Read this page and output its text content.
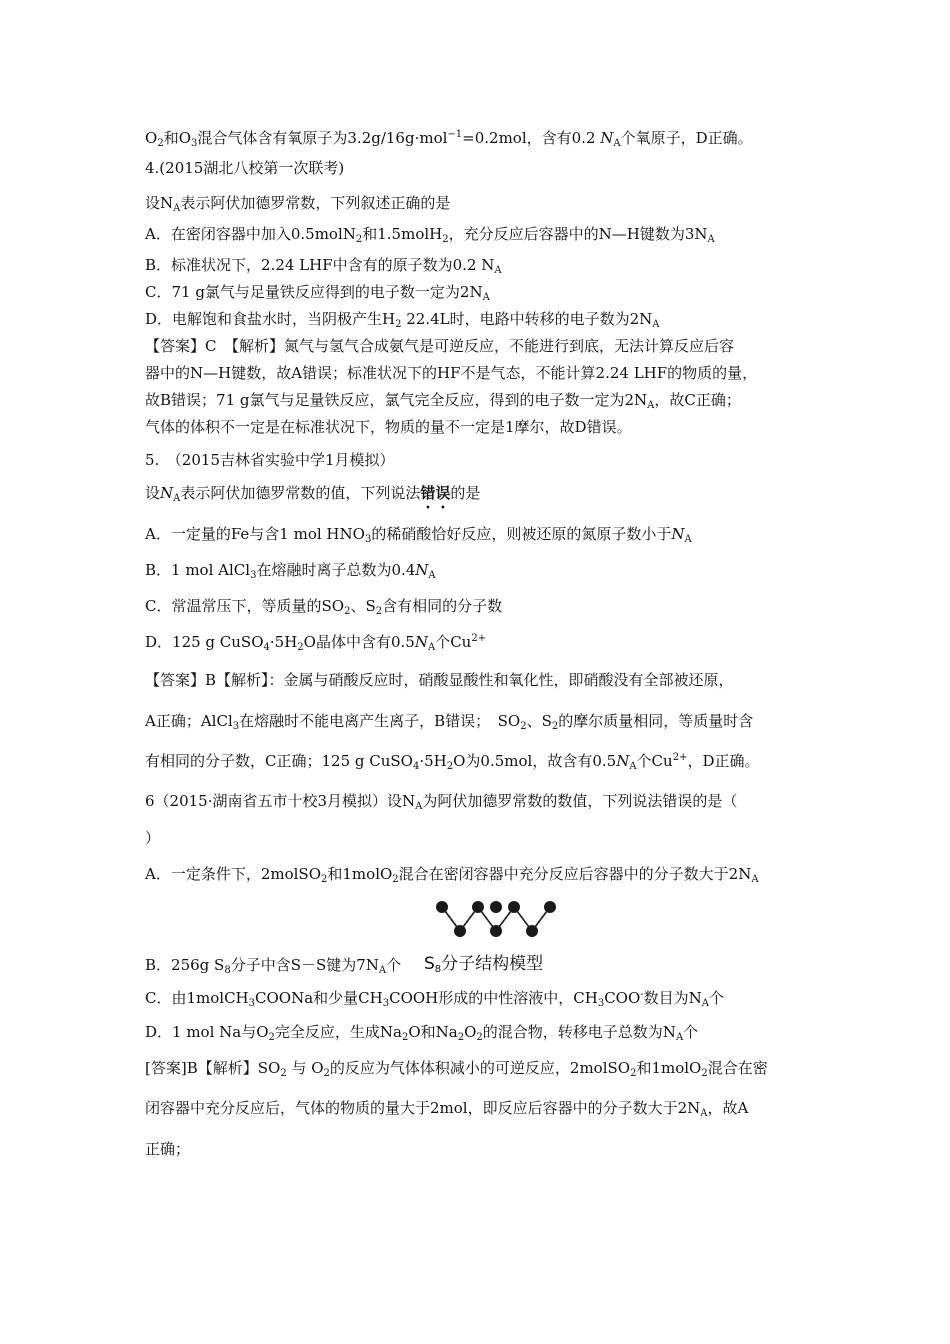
$O_2$和$O_3$混合气体含有氧原子为3.2g/16g·mol$^{-1}$=0.2mol，含有0.2 $N_A$个氧原子，D正确。
4.(2015湖北八校第一次联考)
设$N_A$表示阿伏加德罗常数，下列叙述正确的是
A．在密闭容器中加入0.5molN$_2$和1.5molH$_2$，充分反应后容器中的N—H键数为$3N_A$
B．标准状况下，2.24 LHF中含有的原子数为0.2 $N_A$
C．71 g氯气与足量铁反应得到的电子数一定为$2N_A$
D．电解饱和食盐水时，当阴极产生$H_2$ 22.4L时，电路中转移的电子数为$2N_A$
【答案】C　【解析】氮气与氢气合成氨气是可逆反应，不能进行到底，无法计算反应后容
器中的N—H键数，故A错误；标准状况下的HF不是气态，不能计算2.24 LHF的物质的量，
故B错误；71 g氯气与足量铁反应，氯气完全反应，得到的电子数一定为$2N_A$，故C正确；
气体的体积不一定是在标准状况下，物质的量不一定是1摩尔，故D错误。
5.　（2015吉林省实验中学1月模拟）
设$N_A$表示阿伏加德罗常数的值，下列说法错误的是
A．一定量的Fe与含1 mol $HNO_3$的稀硝酸恰好反应，则被还原的氮原子数小于$N_A$
B．1 mol AlCl$_3$在熔融时离子总数为$0.4N_A$
C．常温常压下，等质量的$SO_2$、$S_2$含有相同的分子数
D．125 g $CuSO_4\cdot 5H_2O$晶体中含有$0.5N_A$个$Cu^{2+}$
【答案】B【解析】：金属与硝酸反应时，硝酸显酸性和氧化性，即硝酸没有全部被还原，
A正确；AlCl$_3$在熔融时不能电离产生离子，B错误；　$SO_2$、$S_2$的摩尔质量相同，等质量时含
有相同的分子数，C正确；125 g $CuSO_4\cdot 5H_2O$为0.5mol，故含有$0.5N_A$个$Cu^{2+}$，D正确。
6（2015·湖南省五市十校3月模拟）设$N_A$为阿伏加德罗常数的数值，下列说法错误的是（
）
A．一定条件下，2molSO$_2$和1molO$_2$混合在密闭容器中充分反应后容器中的分子数大于$2N_A$
$S_8$分子结构模型
B．256g $S_8$分子中含S－S键为$7N_A$个
C．由1molCH$_3$COONa和少量$CH_3COOH$形成的中性溶液中，$CH_3COO^-$数目为$N_A$个
D．1 mol Na与$O_2$完全反应，生成$Na_2O$和$Na_2O_2$的混合物，转移电子总数为$N_A$个
[答案]B【解析】$SO_2$ 与 $O_2$的反应为气体体积减小的可逆反应，2molSO$_2$和1molO$_2$混合在密
闭容器中充分反应后，气体的物质的量大于2mol，即反应后容器中的分子数大于$2N_A$，故A
正确；
